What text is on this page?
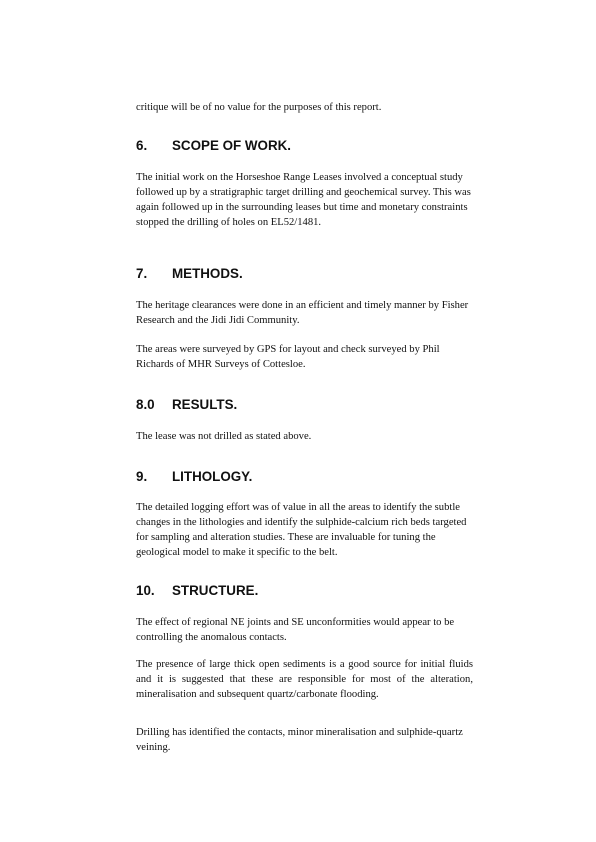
critique will be of no value for the purposes of this report.

6. SCOPE OF WORK.

The initial work on the Horseshoe Range Leases involved a conceptual study followed up by a stratigraphic target drilling and geochemical survey. This was again followed up in the surrounding leases but time and monetary constraints stopped the drilling of holes on EL52/1481.

7. METHODS.

The heritage clearances were done in an efficient and timely manner by Fisher Research and the Jidi Jidi Community.

The areas were surveyed by GPS for layout and check surveyed by Phil Richards of MHR Surveys of Cottesloe.

8.0 RESULTS.

The lease was not drilled as stated above.

9. LITHOLOGY.

The detailed logging effort was of value in all the areas to identify the subtle changes in the lithologies and identify the sulphide-calcium rich beds targeted for sampling and alteration studies. These are invaluable for tuning the geological model to make it specific to the belt.

10. STRUCTURE.

The effect of regional NE joints and SE unconformities would appear to be controlling the anomalous contacts.

The presence of large thick open sediments is a good source for initial fluids and it is suggested that these are responsible for most of the alteration, mineralisation and subsequent quartz/carbonate flooding.

Drilling has identified the contacts, minor mineralisation and sulphide-quartz veining.
